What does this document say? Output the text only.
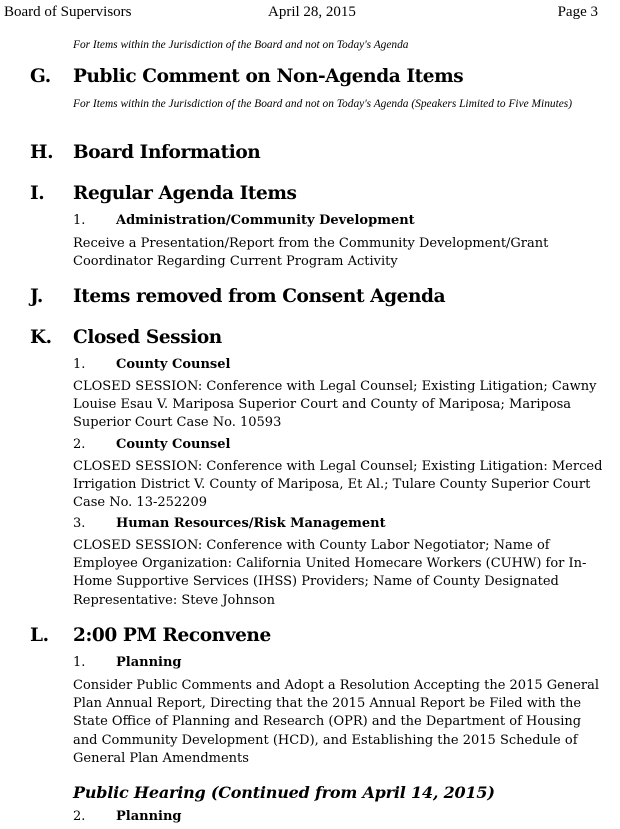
Board of Supervisors	April 28, 2015	Page 3
For Items within the Jurisdiction of the Board and not on Today's Agenda
G. Public Comment on Non-Agenda Items
For Items within the Jurisdiction of the Board and not on Today's Agenda (Speakers Limited to Five Minutes)
H. Board Information
I. Regular Agenda Items
1. Administration/Community Development
Receive a Presentation/Report from the Community Development/Grant Coordinator Regarding Current Program Activity
J. Items removed from Consent Agenda
K. Closed Session
1. County Counsel
CLOSED SESSION: Conference with Legal Counsel; Existing Litigation; Cawny Louise Esau V. Mariposa Superior Court and County of Mariposa; Mariposa Superior Court Case No. 10593
2. County Counsel
CLOSED SESSION: Conference with Legal Counsel; Existing Litigation: Merced Irrigation District V. County of Mariposa, Et Al.; Tulare County Superior Court Case No. 13-252209
3. Human Resources/Risk Management
CLOSED SESSION: Conference with County Labor Negotiator; Name of Employee Organization: California United Homecare Workers (CUHW) for In-Home Supportive Services (IHSS) Providers; Name of County Designated Representative: Steve Johnson
L. 2:00 PM Reconvene
1. Planning
Consider Public Comments and Adopt a Resolution Accepting the 2015 General Plan Annual Report, Directing that the 2015 Annual Report be Filed with the State Office of Planning and Research (OPR) and the Department of Housing and Community Development (HCD), and Establishing the 2015 Schedule of General Plan Amendments
Public Hearing (Continued from April 14, 2015)
2. Planning
